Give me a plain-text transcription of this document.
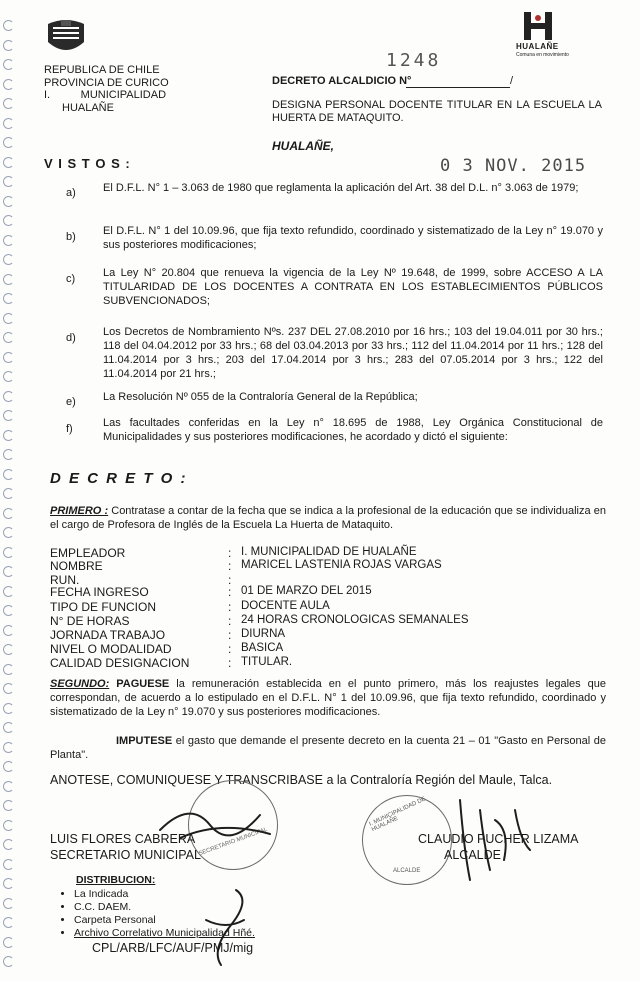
REPUBLICA DE CHILE
PROVINCIA DE CURICO
I.          MUNICIPALIDAD
HUALAÑE
HUALAÑE
Comuna en movimiento
1248
DECRETO ALCALDICIO N°	/
DESIGNA PERSONAL DOCENTE TITULAR EN LA ESCUELA LA HUERTA DE MATAQUITO.
HUALAÑE,
0 3 NOV. 2015
V I S T O S :
a) El D.F.L. N° 1 – 3.063 de 1980 que reglamenta la aplicación del Art. 38 del D.L. n° 3.063 de 1979;
b) El D.F.L. N° 1 del 10.09.96, que fija texto refundido, coordinado y sistematizado de la Ley n° 19.070 y sus posteriores modificaciones;
c)	La Ley N° 20.804 que renueva la vigencia de la Ley Nº 19.648, de 1999, sobre ACCESO A LA TITULARIDAD DE LOS DOCENTES A CONTRATA EN LOS ESTABLECIMIENTOS PÚBLICOS SUBVENCIONADOS;
d) Los Decretos de Nombramiento Nºs. 237 DEL 27.08.2010 por 16 hrs.; 103 del 19.04.011 por 30 hrs.; 118 del 04.04.2012 por 33 hrs.; 68 del 03.04.2013 por 33 hrs.; 112 del 11.04.2014 por 11 hrs.; 128 del 11.04.2014 por 3 hrs.; 203 del 17.04.2014 por 3 hrs.; 283 del 07.05.2014 por 3 hrs.; 122 del 11.04.2014 por 21 hrs.;
e) La Resolución Nº 055 de la Contraloría General de la República;
f)	Las facultades conferidas en la Ley n° 18.695 de 1988, Ley Orgánica Constitucional de Municipalidades y sus posteriores modificaciones, he acordado y dictó el siguiente:
D E C R E T O :
PRIMERO : Contratase a contar de la fecha que se indica a la profesional de la educación que se individualiza en el cargo de Profesora de Inglés de la Escuela La Huerta de Mataquito.
EMPLEADOR	: I. MUNICIPALIDAD DE HUALAÑE
NOMBRE	: MARICEL LASTENIA ROJAS VARGAS
RUN.	:
FECHA INGRESO	: 01 DE MARZO DEL 2015
TIPO DE FUNCION	: DOCENTE AULA
N° DE HORAS	: 24 HORAS CRONOLOGICAS SEMANALES
JORNADA TRABAJO	: DIURNA
NIVEL O MODALIDAD	: BASICA
CALIDAD DESIGNACION	: TITULAR.
SEGUNDO: PAGUESE la remuneración establecida en el punto primero, más los reajustes legales que correspondan, de acuerdo a lo estipulado en el D.F.L. N° 1 del 10.09.96, que fija texto refundido, coordinado y sistematizado de la Ley n° 19.070 y sus posteriores modificaciones.
IMPUTESE el gasto que demande el presente decreto en la cuenta 21 – 01 "Gasto en Personal de Planta".
ANOTESE, COMUNIQUESE Y TRANSCRIBASE a la Contraloría Región del Maule, Talca.
SECRETARIO MUNICIPAL
I. MUNICIPALIDAD DE HUALAÑE
ALCALDE
LUIS FLORES CABRERA
SECRETARIO MUNICIPAL
CLAUDIO PUCHER LIZAMA
ALCALDE
DISTRIBUCION:
• La Indicada
• C.C. DAEM.
• Carpeta Personal
• Archivo Correlativo Municipalidad Hñé.
CPL/ARB/LFC/AUF/PMJ/mig
